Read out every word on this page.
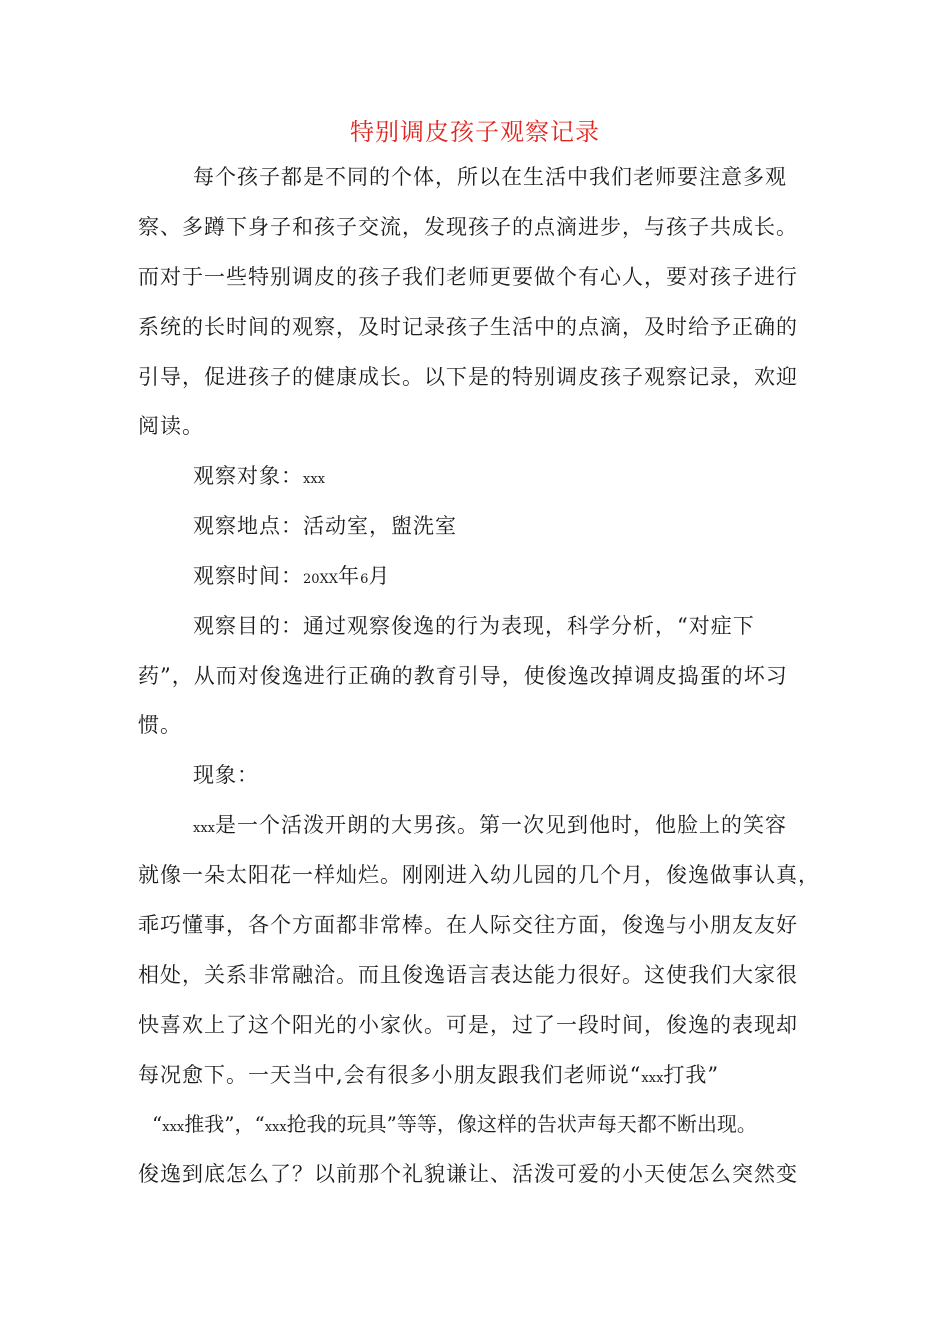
特别调皮孩子观察记录
每个孩子都是不同的个体，所以在生活中我们老师要注意多观
察、多蹲下身子和孩子交流，发现孩子的点滴进步，与孩子共成长。
而对于一些特别调皮的孩子我们老师更要做个有心人，要对孩子进行
系统的长时间的观察，及时记录孩子生活中的点滴，及时给予正确的
引导，促进孩子的健康成长。以下是的特别调皮孩子观察记录，欢迎
阅读。
观察对象：xxx
观察地点：活动室，盥洗室
观察时间：20XX年6月
观察目的：通过观察俊逸的行为表现，科学分析，“对症下
药”，从而对俊逸进行正确的教育引导，使俊逸改掉调皮捣蛋的坏习
惯。
现象：
xxx是一个活泼开朗的大男孩。第一次见到他时，他脸上的笑容
就像一朵太阳花一样灿烂。刚刚进入幼儿园的几个月，俊逸做事认真，
乖巧懂事，各个方面都非常棒。在人际交往方面，俊逸与小朋友友好
相处，关系非常融洽。而且俊逸语言表达能力很好。这使我们大家很
快喜欢上了这个阳光的小家伙。可是，过了一段时间，俊逸的表现却
每况愈下。一天当中,会有很多小朋友跟我们老师说“xxx打我”
“xxx推我”，“xxx抢我的玩具”等等，像这样的告状声每天都不断出现。
俊逸到底怎么了？以前那个礼貌谦让、活泼可爱的小天使怎么突然变
